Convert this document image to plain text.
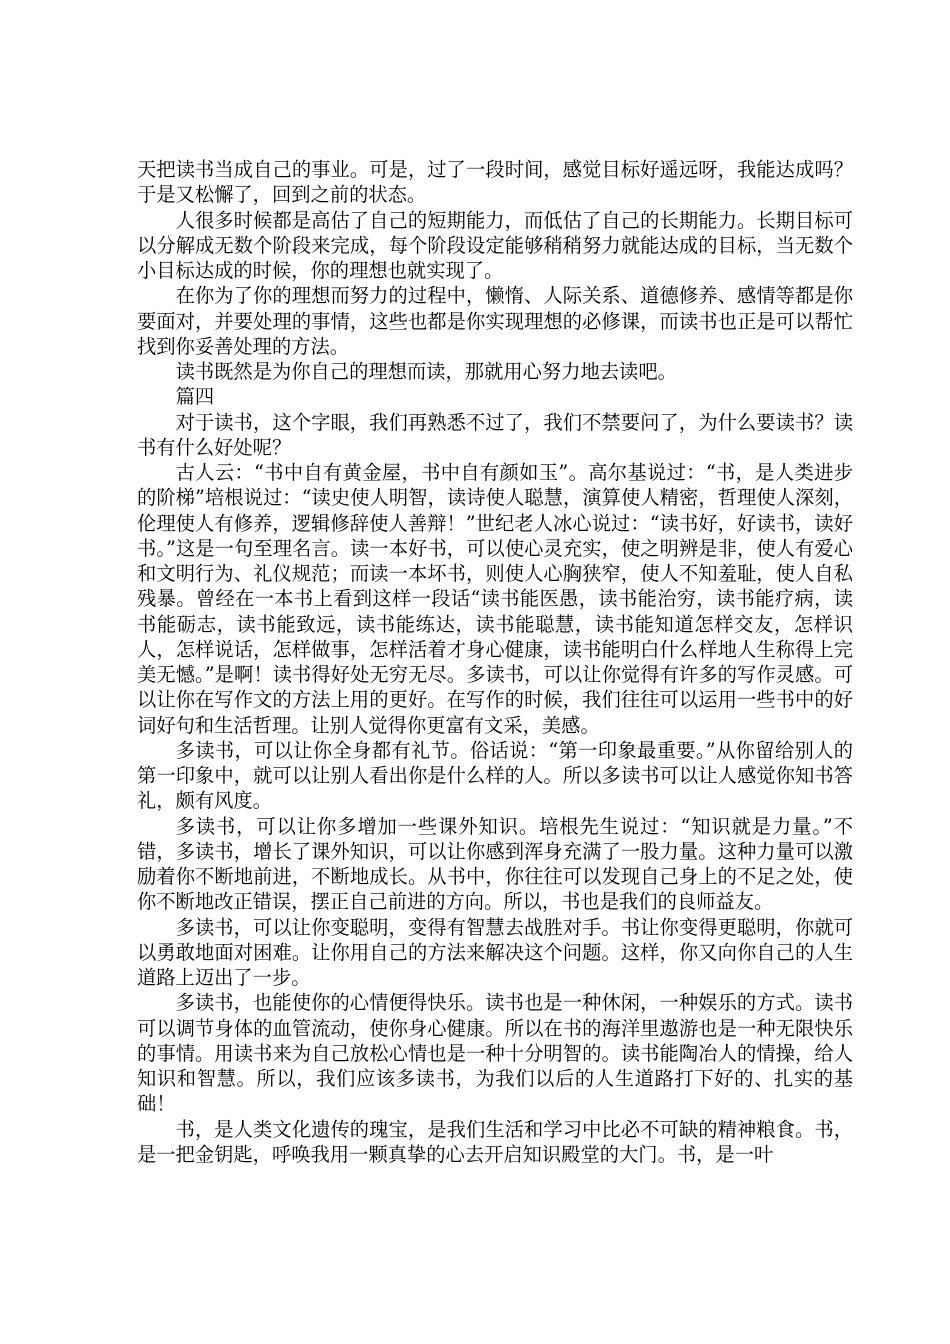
天把读书当成自己的事业。可是，过了一段时间，感觉目标好遥远呀，我能达成吗？于是又松懈了，回到之前的状态。

人很多时候都是高估了自己的短期能力，而低估了自己的长期能力。长期目标可以分解成无数个阶段来完成，每个阶段设定能够稍稍努力就能达成的目标，当无数个小目标达成的时候，你的理想也就实现了。

在你为了你的理想而努力的过程中，懒惰、人际关系、道德修养、感情等都是你要面对，并要处理的事情，这些也都是你实现理想的必修课，而读书也正是可以帮忙找到你妥善处理的方法。

读书既然是为你自己的理想而读，那就用心努力地去读吧。

篇四

对于读书，这个字眼，我们再熟悉不过了，我们不禁要问了，为什么要读书？读书有什么好处呢？

古人云：“书中自有黄金屋，书中自有颜如玉”。高尔基说过：“书，是人类进步的阶梯”培根说过：“读史使人明智，读诗使人聪慧，演算使人精密，哲理使人深刻，伦理使人有修养，逻辑修辞使人善辩！”世纪老人冰心说过：“读书好，好读书，读好书。”这是一句至理名言。读一本好书，可以使心灵充实，使之明辨是非，使人有爱心和文明行为、礼仪规范；而读一本坏书，则使人心胸狭窄，使人不知羞耻，使人自私残暴。曾经在一本书上看到这样一段话“读书能医愚，读书能治穷，读书能疗病，读书能砺志，读书能致远，读书能练达，读书能聪慧，读书能知道怎样交友，怎样识人，怎样说话，怎样做事，怎样活着才身心健康，读书能明白什么样地人生称得上完美无憾。”是啊！读书得好处无穷无尽。多读书，可以让你觉得有许多的写作灵感。可以让你在写作文的方法上用的更好。在写作的时候，我们往往可以运用一些书中的好词好句和生活哲理。让别人觉得你更富有文采，美感。

多读书，可以让你全身都有礼节。俗话说：“第一印象最重要。”从你留给别人的第一印象中，就可以让别人看出你是什么样的人。所以多读书可以让人感觉你知书答礼，颇有风度。

多读书，可以让你多增加一些课外知识。培根先生说过：“知识就是力量。”不错，多读书，增长了课外知识，可以让你感到浑身充满了一股力量。这种力量可以激励着你不断地前进，不断地成长。从书中，你往往可以发现自己身上的不足之处，使你不断地改正错误，摆正自己前进的方向。所以，书也是我们的良师益友。

多读书，可以让你变聪明，变得有智慧去战胜对手。书让你变得更聪明，你就可以勇敢地面对困难。让你用自己的方法来解决这个问题。这样，你又向你自己的人生道路上迈出了一步。

多读书，也能使你的心情便得快乐。读书也是一种休闲，一种娱乐的方式。读书可以调节身体的血管流动，使你身心健康。所以在书的海洋里遨游也是一种无限快乐的事情。用读书来为自己放松心情也是一种十分明智的。读书能陶冶人的情操，给人知识和智慧。所以，我们应该多读书，为我们以后的人生道路打下好的、扎实的基础！

书，是人类文化遗传的瑰宝，是我们生活和学习中比必不可缺的精神粮食。书，是一把金钥匙，呼唤我用一颗真挚的心去开启知识殿堂的大门。书，是一叶
